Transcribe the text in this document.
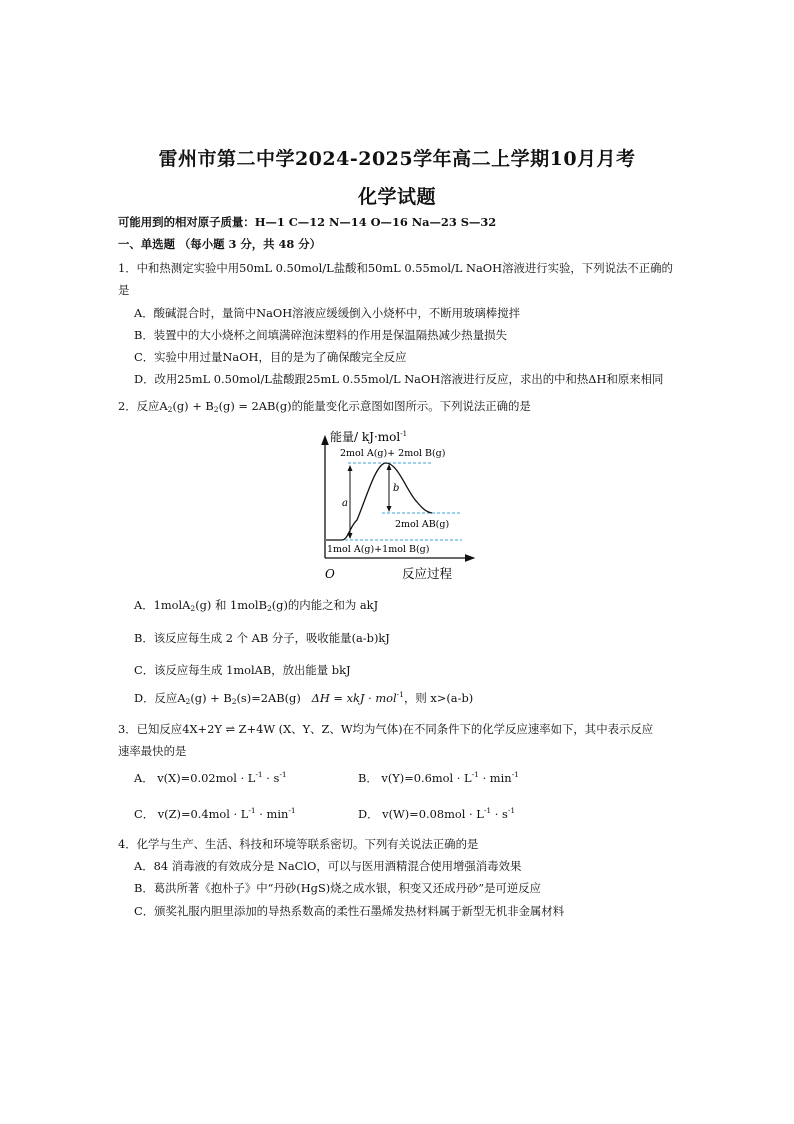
雷州市第二中学2024-2025学年高二上学期10月月考
化学试题
可能用到的相对原子质量：H—1 C—12 N—14 O—16 Na—23 S—32
一、单选题 （每小题 3 分，共 48 分）
1．中和热测定实验中用50mL 0.50mol/L盐酸和50mL 0.55mol/L NaOH溶液进行实验，下列说法不正确的
是
A．酸碱混合时，量筒中NaOH溶液应缓缓倒入小烧杯中，不断用玻璃棒搅拌
B．装置中的大小烧杯之间填满碎泡沫塑料的作用是保温隔热减少热量损失
C．实验中用过量NaOH，目的是为了确保酸完全反应
D．改用25mL 0.50mol/L盐酸跟25mL 0.55mol/L NaOH溶液进行反应，求出的中和热ΔH和原来相同
2．反应$A_2(g) + B_2(g) = 2AB(g)$的能量变化示意图如图所示。下列说法正确的是
能量/ kJ·mol$^{-1}$
a
b
2mol A(g)+ 2mol B(g)
2mol AB(g)
1mol A(g)+1mol B(g)
O	反应过程
A．1molA$_2$(g) 和 1molB$_2$(g)的内能之和为 akJ
B．该反应每生成 2 个 AB 分子，吸收能量(a-b)kJ
C．该反应每生成 1molAB，放出能量 bkJ
D．反应$A_2(g) + B_2(s)=2AB(g) \Delta H$ = xkJ · mol$^{-1}$，则 x>(a-b)
3．已知反应4X+2Y ⇌ Z+4W (X、Y、Z、W均为气体)在不同条件下的化学反应速率如下，其中表示反应
速率最快的是
A． $v(X)=0.02mol \cdot L^{-1} \cdot s^{-1}$	B． $v(Y)=0.6mol \cdot L^{-1} \cdot \min^{-1}$
C． $v(Z)=0.4mol \cdot L^{-1} \cdot \min^{-1}$	D． $v(W)=0.08mol \cdot L^{-1} \cdot s^{-1}$
4．化学与生产、生活、科技和环境等联系密切。下列有关说法正确的是
A．84 消毒液的有效成分是 NaClO，可以与医用酒精混合使用增强消毒效果
B．葛洪所著《抱朴子》中“丹砂(HgS)烧之成水银，积变又还成丹砂”是可逆反应
C．颁奖礼服内胆里添加的导热系数高的柔性石墨烯发热材料属于新型无机非金属材料
